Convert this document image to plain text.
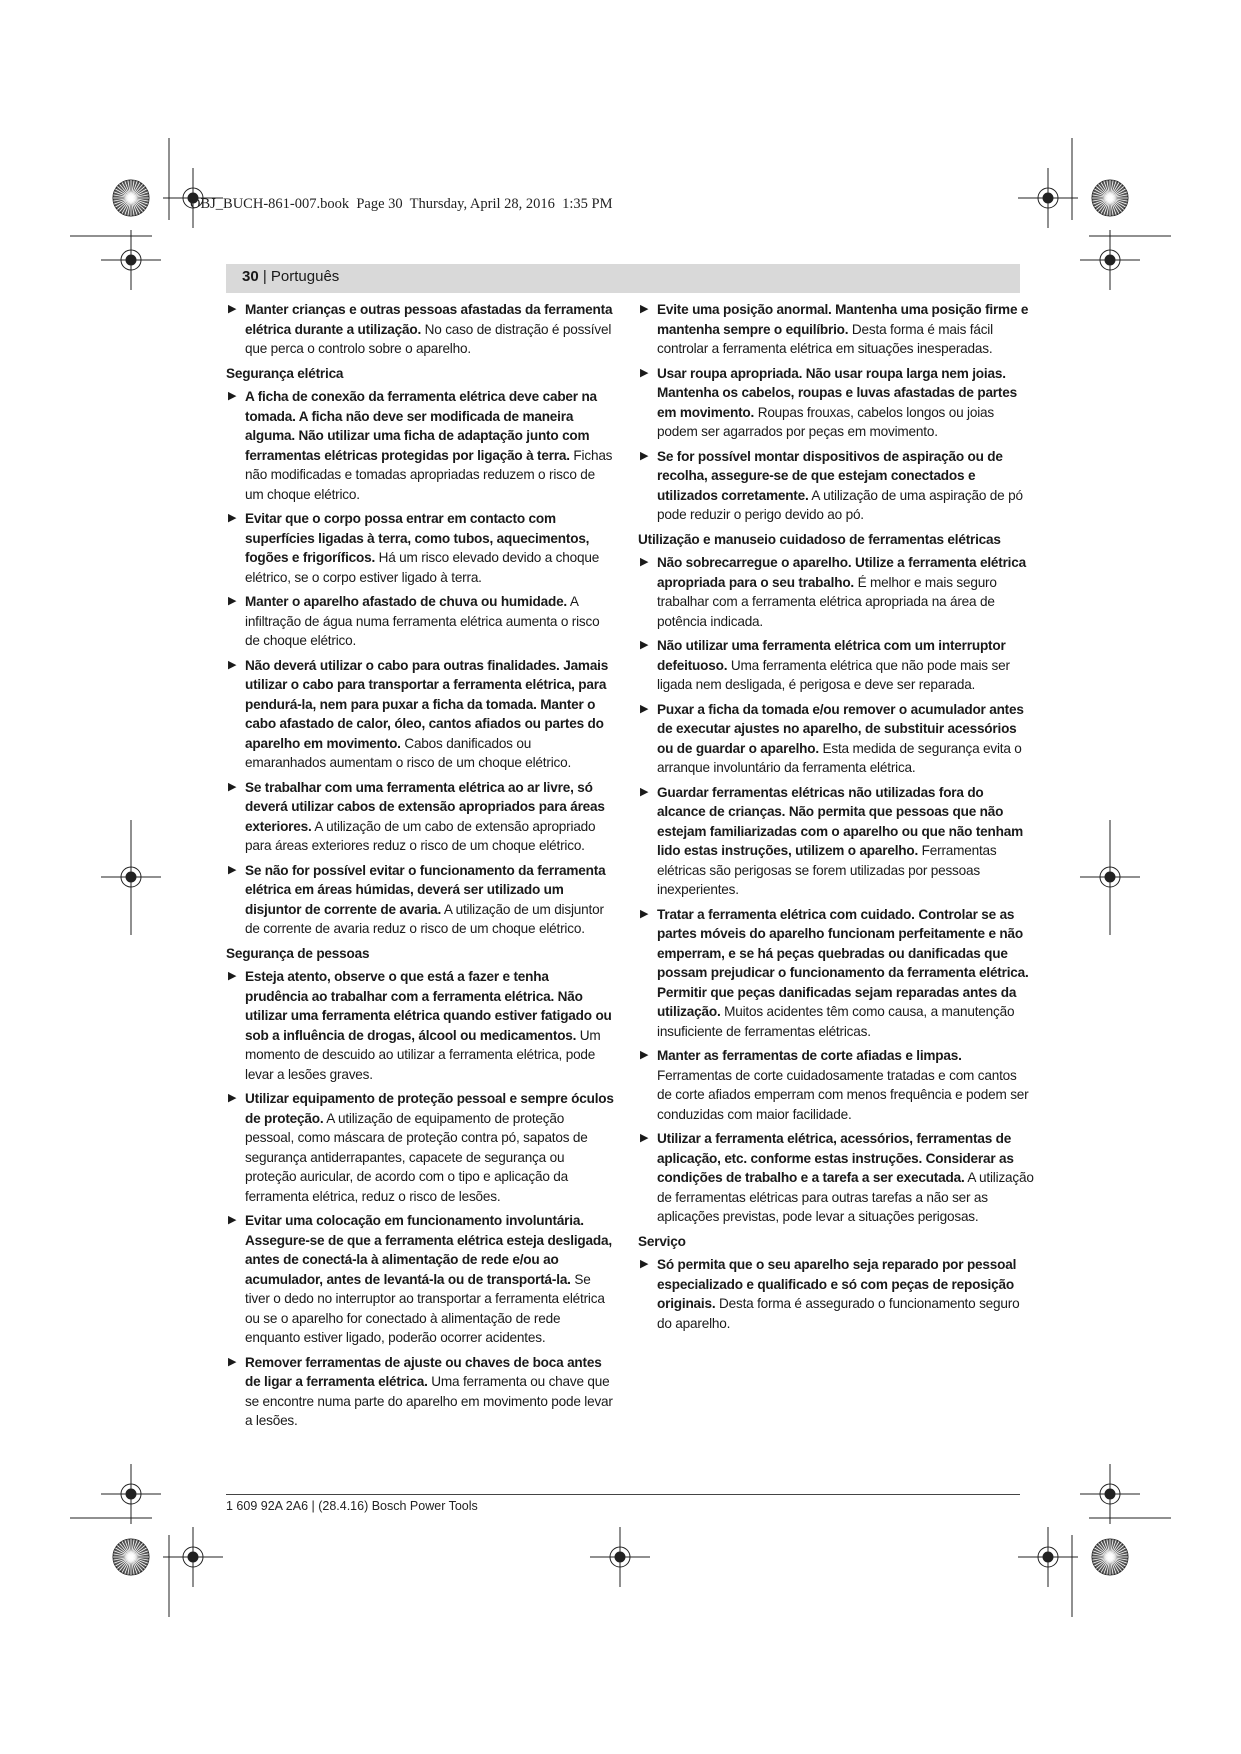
OBJ_BUCH-861-007.book  Page 30  Thursday, April 28, 2016  1:35 PM
30 | Português
▶ Manter crianças e outras pessoas afastadas da ferramenta elétrica durante a utilização. No caso de distração é possível que perca o controlo sobre o aparelho.
Segurança elétrica
▶ A ficha de conexão da ferramenta elétrica deve caber na tomada. A ficha não deve ser modificada de maneira alguma. Não utilizar uma ficha de adaptação junto com ferramentas elétricas protegidas por ligação à terra. Fichas não modificadas e tomadas apropriadas reduzem o risco de um choque elétrico.
▶ Evitar que o corpo possa entrar em contacto com superfícies ligadas à terra, como tubos, aquecimentos, fogões e frigoríficos. Há um risco elevado devido a choque elétrico, se o corpo estiver ligado à terra.
▶ Manter o aparelho afastado de chuva ou humidade. A infiltração de água numa ferramenta elétrica aumenta o risco de choque elétrico.
▶ Não deverá utilizar o cabo para outras finalidades. Jamais utilizar o cabo para transportar a ferramenta elétrica, para pendurá-la, nem para puxar a ficha da tomada. Manter o cabo afastado de calor, óleo, cantos afiados ou partes do aparelho em movimento. Cabos danificados ou emaranhados aumentam o risco de um choque elétrico.
▶ Se trabalhar com uma ferramenta elétrica ao ar livre, só deverá utilizar cabos de extensão apropriados para áreas exteriores. A utilização de um cabo de extensão apropriado para áreas exteriores reduz o risco de um choque elétrico.
▶ Se não for possível evitar o funcionamento da ferramenta elétrica em áreas húmidas, deverá ser utilizado um disjuntor de corrente de avaria. A utilização de um disjuntor de corrente de avaria reduz o risco de um choque elétrico.
Segurança de pessoas
▶ Esteja atento, observe o que está a fazer e tenha prudência ao trabalhar com a ferramenta elétrica. Não utilizar uma ferramenta elétrica quando estiver fatigado ou sob a influência de drogas, álcool ou medicamentos. Um momento de descuido ao utilizar a ferramenta elétrica, pode levar a lesões graves.
▶ Utilizar equipamento de proteção pessoal e sempre óculos de proteção. A utilização de equipamento de proteção pessoal, como máscara de proteção contra pó, sapatos de segurança antiderrapantes, capacete de segurança ou proteção auricular, de acordo com o tipo e aplicação da ferramenta elétrica, reduz o risco de lesões.
▶ Evitar uma colocação em funcionamento involuntária. Assegure-se de que a ferramenta elétrica esteja desligada, antes de conectá-la à alimentação de rede e/ou ao acumulador, antes de levantá-la ou de transportá-la. Se tiver o dedo no interruptor ao transportar a ferramenta elétrica ou se o aparelho for conectado à alimentação de rede enquanto estiver ligado, poderão ocorrer acidentes.
▶ Remover ferramentas de ajuste ou chaves de boca antes de ligar a ferramenta elétrica. Uma ferramenta ou chave que se encontre numa parte do aparelho em movimento pode levar a lesões.
▶ Evite uma posição anormal. Mantenha uma posição firme e mantenha sempre o equilíbrio. Desta forma é mais fácil controlar a ferramenta elétrica em situações inesperadas.
▶ Usar roupa apropriada. Não usar roupa larga nem joias. Mantenha os cabelos, roupas e luvas afastadas de partes em movimento. Roupas frouxas, cabelos longos ou joias podem ser agarrados por peças em movimento.
▶ Se for possível montar dispositivos de aspiração ou de recolha, assegure-se de que estejam conectados e utilizados corretamente. A utilização de uma aspiração de pó pode reduzir o perigo devido ao pó.
Utilização e manuseio cuidadoso de ferramentas elétricas
▶ Não sobrecarregue o aparelho. Utilize a ferramenta elétrica apropriada para o seu trabalho. É melhor e mais seguro trabalhar com a ferramenta elétrica apropriada na área de potência indicada.
▶ Não utilizar uma ferramenta elétrica com um interruptor defeituoso. Uma ferramenta elétrica que não pode mais ser ligada nem desligada, é perigosa e deve ser reparada.
▶ Puxar a ficha da tomada e/ou remover o acumulador antes de executar ajustes no aparelho, de substituir acessórios ou de guardar o aparelho. Esta medida de segurança evita o arranque involuntário da ferramenta elétrica.
▶ Guardar ferramentas elétricas não utilizadas fora do alcance de crianças. Não permita que pessoas que não estejam familiarizadas com o aparelho ou que não tenham lido estas instruções, utilizem o aparelho. Ferramentas elétricas são perigosas se forem utilizadas por pessoas inexperientes.
▶ Tratar a ferramenta elétrica com cuidado. Controlar se as partes móveis do aparelho funcionam perfeitamente e não emperram, e se há peças quebradas ou danificadas que possam prejudicar o funcionamento da ferramenta elétrica. Permitir que peças danificadas sejam reparadas antes da utilização. Muitos acidentes têm como causa, a manutenção insuficiente de ferramentas elétricas.
▶ Manter as ferramentas de corte afiadas e limpas. Ferramentas de corte cuidadosamente tratadas e com cantos de corte afiados emperram com menos frequência e podem ser conduzidas com maior facilidade.
▶ Utilizar a ferramenta elétrica, acessórios, ferramentas de aplicação, etc. conforme estas instruções. Considerar as condições de trabalho e a tarefa a ser executada. A utilização de ferramentas elétricas para outras tarefas a não ser as aplicações previstas, pode levar a situações perigosas.
Serviço
▶ Só permita que o seu aparelho seja reparado por pessoal especializado e qualificado e só com peças de reposição originais. Desta forma é assegurado o funcionamento seguro do aparelho.
1 609 92A 2A6 | (28.4.16) Bosch Power Tools
